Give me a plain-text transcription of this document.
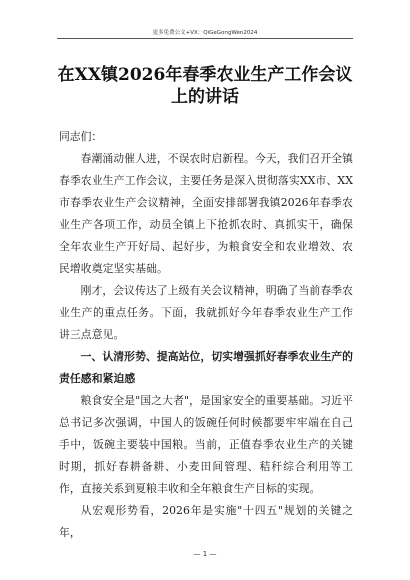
更多免费公文+VX：QiGeGongWen2024
在XX镇2026年春季农业生产工作会议
上的讲话

同志们：

春潮涌动催人进，不误农时启新程。今天，我们召开全镇春季农业生产工作会议，主要任务是深入贯彻落实XX市、XX市春季农业生产会议精神，全面安排部署我镇2026年春季农业生产各项工作，动员全镇上下抢抓农时、真抓实干，确保全年农业生产开好局、起好步，为粮食安全和农业增效、农民增收奠定坚实基础。

刚才，会议传达了上级有关会议精神，明确了当前春季农业生产的重点任务。下面，我就抓好今年春季农业生产工作讲三点意见。

一、认清形势、提高站位，切实增强抓好春季农业生产的责任感和紧迫感

粮食安全是"国之大者"，是国家安全的重要基础。习近平总书记多次强调，中国人的饭碗任何时候都要牢牢端在自己手中，饭碗主要装中国粮。当前，正值春季农业生产的关键时期，抓好春耕备耕、小麦田间管理、秸秆综合利用等工作，直接关系到夏粮丰收和全年粮食生产目标的实现。

从宏观形势看，2026年是实施"十四五"规划的关键之年，

— 1 —
